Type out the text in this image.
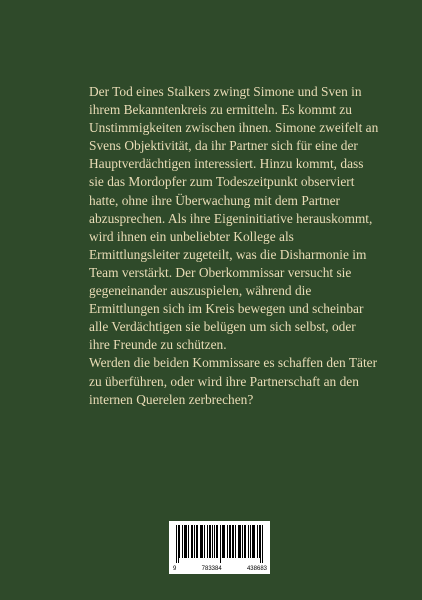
Der Tod eines Stalkers zwingt Simone und Sven in ihrem Bekanntenkreis zu ermitteln. Es kommt zu Unstimmigkeiten zwischen ihnen. Simone zweifelt an Svens Objektivität, da ihr Partner sich für eine der Hauptverdächtigen interessiert. Hinzu kommt, dass sie das Mordopfer zum Todeszeitpunkt observiert hatte, ohne ihre Überwachung mit dem Partner abzusprechen. Als ihre Eigeninitiative herauskommt, wird ihnen ein unbeliebter Kollege als Ermittlungsleiter zugeteilt, was die Disharmonie im Team verstärkt. Der Oberkommissar versucht sie gegeneinander auszuspielen, während die Ermittlungen sich im Kreis bewegen und scheinbar alle Verdächtigen sie belügen um sich selbst, oder ihre Freunde zu schützen.

Werden die beiden Kommissare es schaffen den Täter zu überführen, oder wird ihre Partnerschaft an den internen Querelen zerbrechen?

9	783384	438683
